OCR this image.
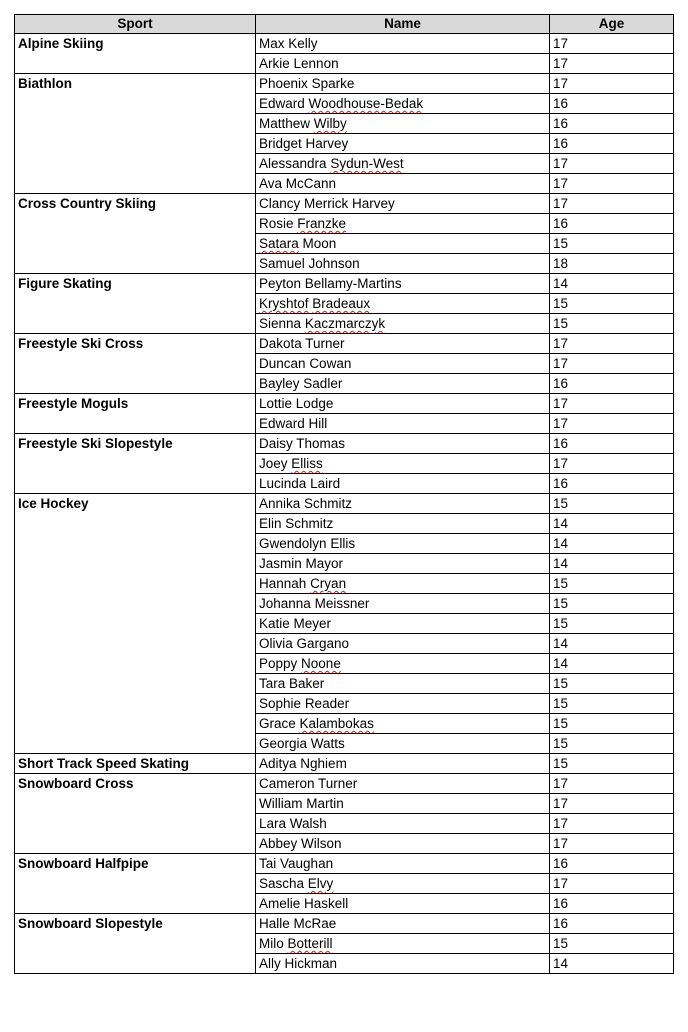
Sport	Name	Age
Alpine Skiing	Max Kelly	17
	Arkie Lennon	17
Biathlon	Phoenix Sparke	17
	Edward Woodhouse-Bedak	16
	Matthew Wilby	16
	Bridget Harvey	16
	Alessandra Sydun-West	17
	Ava McCann	17
Cross Country Skiing	Clancy Merrick Harvey	17
	Rosie Franzke	16
	Satara Moon	15
	Samuel Johnson	18
Figure Skating	Peyton Bellamy-Martins	14
	Kryshtof Bradeaux	15
	Sienna Kaczmarczyk	15
Freestyle Ski Cross	Dakota Turner	17
	Duncan Cowan	17
	Bayley Sadler	16
Freestyle Moguls	Lottie Lodge	17
	Edward Hill	17
Freestyle Ski Slopestyle	Daisy Thomas	16
	Joey Elliss	17
	Lucinda Laird	16
Ice Hockey	Annika Schmitz	15
	Elin Schmitz	14
	Gwendolyn Ellis	14
	Jasmin Mayor	14
	Hannah Cryan	15
	Johanna Meissner	15
	Katie Meyer	15
	Olivia Gargano	14
	Poppy Noone	14
	Tara Baker	15
	Sophie Reader	15
	Grace Kalambokas	15
	Georgia Watts	15
Short Track Speed Skating	Aditya Nghiem	15
Snowboard Cross	Cameron Turner	17
	William Martin	17
	Lara Walsh	17
	Abbey Wilson	17
Snowboard Halfpipe	Tai Vaughan	16
	Sascha Elvy	17
	Amelie Haskell	16
Snowboard Slopestyle	Halle McRae	16
	Milo Botterill	15
	Ally Hickman	14
